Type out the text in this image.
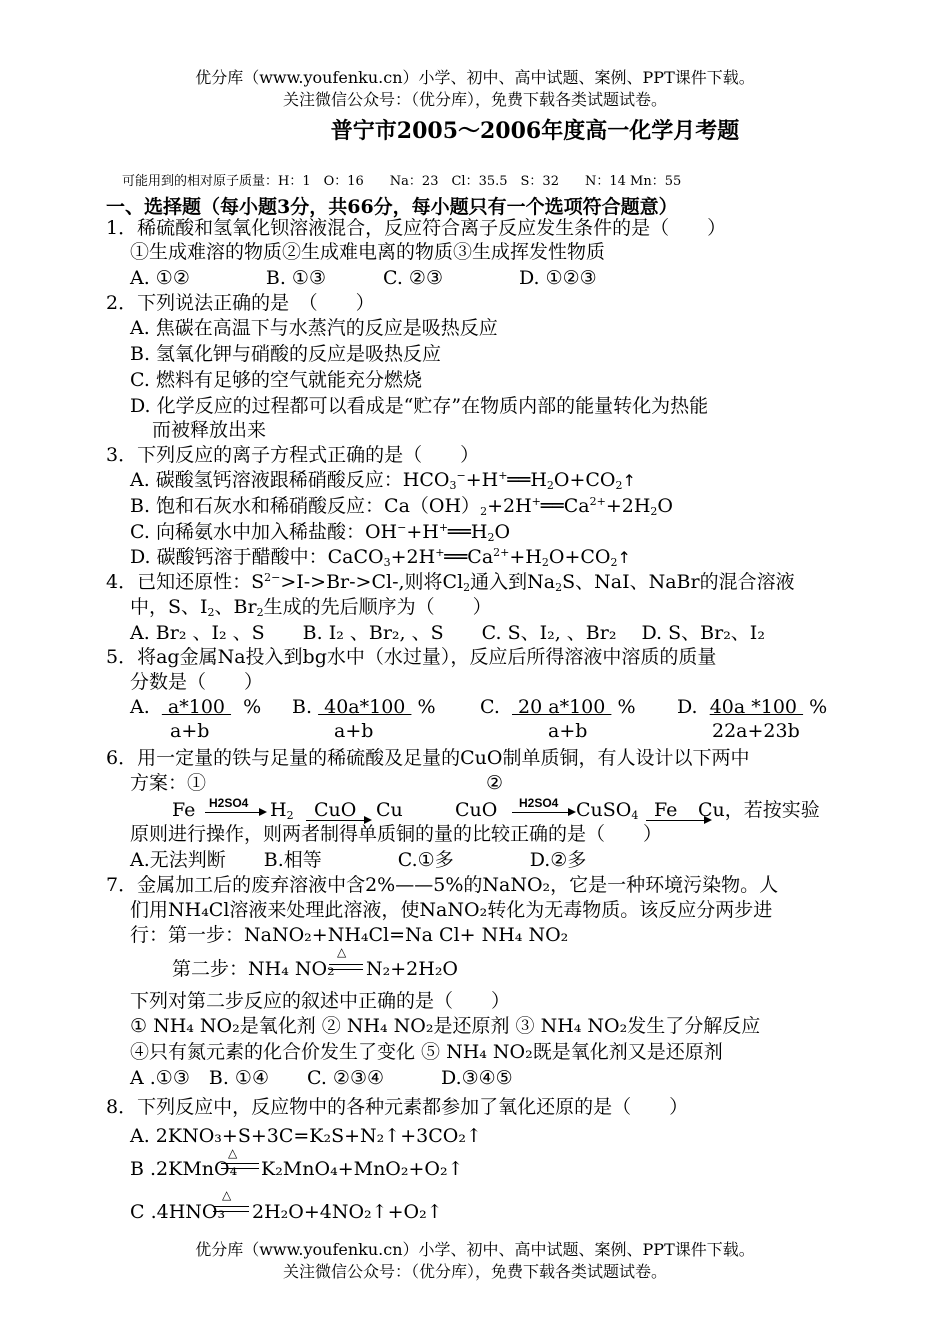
优分库（www.youfenku.cn）小学、初中、高中试题、案例、PPT课件下载。
关注微信公众号：（优分库），免费下载各类试题试卷。
普宁市2005～2006年度高一化学月考题
可能用到的相对原子质量：H：1　O：16　　Na：23　Cl：35.5　S：32　　N：14 Mn：55
一、选择题（每小题3分，共66分，每小题只有一个选项符合题意）
1．稀硫酸和氢氧化钡溶液混合，反应符合离子反应发生条件的是（　　）
①生成难溶的物质②生成难电离的物质③生成挥发性物质
A. ①②　　　　B. ①③　　　C. ②③　　　　D. ①②③
2．下列说法正确的是　（　　）
A. 焦碳在高温下与水蒸汽的反应是吸热反应
B. 氢氧化钾与硝酸的反应是吸热反应
C. 燃料有足够的空气就能充分燃烧
D. 化学反应的过程都可以看成是“贮存”在物质内部的能量转化为热能
而被释放出来
3．下列反应的离子方程式正确的是（　　）
A. 碳酸氢钙溶液跟稀硝酸反应：$HCO_3^-+H^+══H_2O+CO_2↑$
B. 饱和石灰水和稀硝酸反应：$Ca(OH)_2+2H^+══Ca^{2+}+2H_2O$
C. 向稀氨水中加入稀盐酸：$OH^-+H^+══H_2O$
D. 碳酸钙溶于醋酸中：$CaCO_3+2H^+══Ca^{2+}+H_2O+CO_2↑$
4．已知还原性：$S^{2-}>I->Br->Cl-$,则将$Cl_2$通入到$Na_2S$、NaI、NaBr的混合溶液
中，S、$I_2$、$Br_2$生成的先后顺序为（　　）
A. Br₂ 、I₂ 、S　　B. I₂ 、Br₂, 、S　　C. S、I₂, 、Br₂　 D. S、Br₂、I₂
5．将ag金属Na投入到bg水中（水过量），反应后所得溶液中溶质的质量
分数是（　　）
A.   a*100   %
a+b
B.  40a*100  %
a+b
C.   20 a*100  %
a+b
D. 40a *100  %
22a+23b
6．用一定量的铁与足量的稀硫酸及足量的CuO制单质铜，有人设计以下两中
方案：①	②
Fe H2SO4 $H_2$ CuO Cu	CuO H2SO4 CuSO$_4$ Fe Cu，若按实验
原则进行操作，则两者制得单质铜的量的比较正确的是（　　）
A.无法判断　　B.相等　　　　C.①多　　　　D.②多
7．金属加工后的废弃溶液中含2%——5%的NaNO₂，它是一种环境污染物。人
们用NH₄Cl溶液来处理此溶液，使NaNO₂转化为无毒物质。该反应分两步进
行：第一步：NaNO₂+NH₄Cl=Na Cl+ NH₄ NO₂
第二步：NH₄ NO₂
△
N₂+2H₂O
下列对第二步反应的叙述中正确的是（　　）
① NH₄ NO₂是氧化剂 ② NH₄ NO₂是还原剂 ③ NH₄ NO₂发生了分解反应
④只有氮元素的化合价发生了变化 ⑤ NH₄ NO₂既是氧化剂又是还原剂
A .①③　B. ①④　　C. ②③④　　　D.③④⑤
8．下列反应中，反应物中的各种元素都参加了氧化还原的是（　　）
A. 2KNO₃+S+3C=K₂S+N₂↑+3CO₂↑
B .2KMnO₄
△
K₂MnO₄+MnO₂+O₂↑
C .4HNO₃
△
2H₂O+4NO₂↑+O₂↑
优分库（www.youfenku.cn）小学、初中、高中试题、案例、PPT课件下载。
关注微信公众号：（优分库），免费下载各类试题试卷。
